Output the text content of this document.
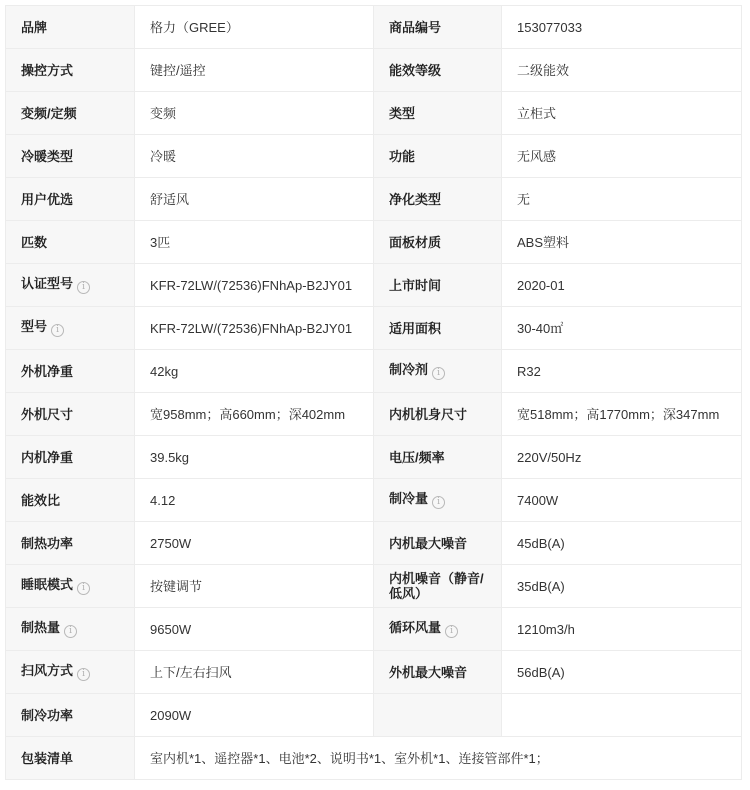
品牌	格力（GREE）	商品编号	153077033
操控方式	键控/遥控	能效等级	二级能效
变频/定频	变频	类型	立柜式
冷暖类型	冷暖	功能	无风感
用户优选	舒适风	净化类型	无
匹数	3匹	面板材质	ABS塑料
认证型号 i	KFR-72LW/(72536)FNhAp-B2JY01	上市时间	2020-01
型号 i	KFR-72LW/(72536)FNhAp-B2JY01	适用面积	30-40㎡
外机净重	42kg	制冷剂 i	R32
外机尺寸	宽958mm；高660mm；深402mm	内机机身尺寸	宽518mm；高1770mm；深347mm
内机净重	39.5kg	电压/频率	220V/50Hz
能效比	4.12	制冷量 i	7400W
制热功率	2750W	内机最大噪音	45dB(A)
睡眠模式 i	按键调节	内机噪音（静音/低风）	35dB(A)
制热量 i	9650W	循环风量 i	1210m3/h
扫风方式 i	上下/左右扫风	外机最大噪音	56dB(A)
制冷功率	2090W		
包装清单	室内机*1、遥控器*1、电池*2、说明书*1、室外机*1、连接管部件*1；		
